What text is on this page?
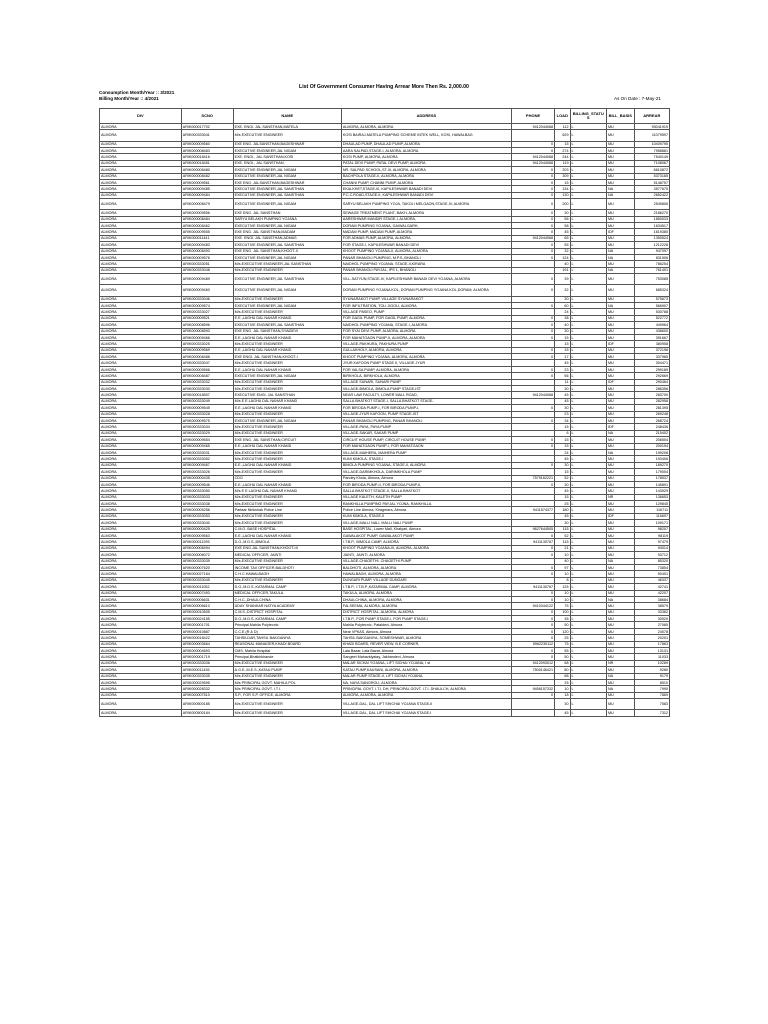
List Of Government Consumer Having Arrear More Then Rs. 2,000.00
Consumption Month/Year :: 3/2021
Billing Month/Year :: 4/2021	As On Date : 7-May-21
DIV	SCNO	NAME	ADDRESS	PHONE	LOAD	BILLING_STATUS	BILL_BASIS	ARREAR
ALMORA	ARIK000017702	EXE. ENGI. JAL SANSTHAN,MATELA	ALMORA, ALMORA, ALMORA	9412044068	112	L	MU	93041919
ALMORA	ARIK000333041	M/s EXECUTIVE ENGINEER	KOSI BAIRAJ-MATELA PUMPING SCHEME INTEK WELL, KOSI, HAWALBAG		629	L	MU	11079597
ALMORA	ARIK000009560	EXE ENG. JALSANSTHAN,BAGESHWAR	DHAULAD PUMP, DHAULAD PUMP, ALMORA	0	15	L	MU	10409795
ALMORA	ARIK000008483	EXECUTIVE ENGINEER,JAL NIGAM	AARA SALPAD,STAGE-I, ALMORA, ALMORA	0	274	L	MU	7958881
ALMORA	ARIK000018416	EXE. ENGI., JAL SANSTHAN,KOSI	KOSI PUMP, ALMORA, ALMORA	9412044068	244	L	MU	7540149
ALMORA	ARIK000018451	EXE. ENGI., JAL SANSTHAN,	PATAL DEVI PUMP, PATAL DEVI PUMP, ALMORA	9412044068	119	L	MU	7108067
ALMORA	ARIK000008480	EXECUTIVE ENGINEER,JAL NIGAM	NR. SALPAD SCHOOL,ST-III, ALMORA, ALMORA	0	203	L	MU	6610872
ALMORA	ARIK000008482	EXECUTIVE ENGINEER,JAL NIGAM	BACHPOLA STAGE-II, ALMORA, ALMORA	0	309	L	MU	5373185
ALMORA	ARIK000009561	EXE ENG. JALSANSTHAN,BAGESHWAR	CHANNI PUMP, CHANNI PUMP, ALMORA	0	15	L	MU	5148757
ALMORA	ARIK000009485	EXECUTIVE ENGINEER,JAL SANSTHAN	EKALKHET,STAGE-III, KAPILESHWAR BANADI DEVI	0	134	L	NA	3577675
ALMORA	ARIK000009484	EXECUTIVE ENGINEER,JAL SANSTHAN	P.C.C.ROAD,STAGE-II, KAPILESHWAR BANADI DEVI	0	130	L	NA	2652422
ALMORA	ARIK000008479	EXECUTIVE ENGINEER,JAL NIGAM	SARYU BELAKH PUMPING YOJA, TAKOLI MELGAON,STAGE-IV, ALMORA	0	200	L	MU	2549806
ALMORA	ARIK000009556	EXE ENG. JAL SANSTHAN	SEWAGE TREATMENT PLANT, BAKH, ALMORA	0	30	L	MU	2186270
ALMORA	ARIK000008484	SARYU BELAKH PUMPING YOJANA	AARESHWAR MANDIR STAGE-I, ALMORA,	0	56	L	MU	1850033
ALMORA	ARIK000008462	EXECUTIVE ENGINEER,JAL NIGAM	DORAM PUMPING YOJANA, GAIWALGARH,	0	58	L	MU	1634517
ALMORA	ARIK000009555	EXE ENG. JAL SANSTHAN,MADAM	MADAM PUMP, MADAM PUMP, ALMORA	0	45	L	IDF	1619380
ALMORA	ARIK000011441	EXE. ENGI. JAL SANSTHAN,ADMAS	FOR ADMAS PUMP, ALMORA, ALMORA	9412044068	65	L	MU	1350524
ALMORA	ARIK000009483	EXECUTIVE ENGINEER,JAL SANSTHAN	FOR STAGE-I, KAPILESHWAR BANADI DEVI	0	55	L	MU	1212228
ALMORA	ARIK000008493	EXE ENG. JAL SANSTHAN,KHOOT-II	KHOOT PUMPING YOJANA-II, ALMORA, ALMORA	0	32	L	NA	947097
ALMORA	ARIK000009576	EXECUTIVE ENGINEER,JAL NIGAM	PANAR BHANOLI PUMPING, M.P.S.,BHANOLI	0	124	L	NA	831906
ALMORA	ARIK000333051	M/s.EXECUTIVE ENGINEER,JAL SANSTHAN	NAIDHOL PUMPING YOJANA, STAGE-II,KIRARA		40	L	MU	786254
ALMORA	ARIK000333048	M/s.EXECUTIVE ENGINEER	PANAR BHANOLI PAYJAL, IPS 1, BHANOLI		191	L	NA	761401
ALMORA	ARIK000009489	EXECUTIVE ENGINEER,JAL SANSTHAN	VILL-SATYUN,STAGE-IV, KAPILESHWAR BANADI DEVI YOJANA, ALMORA	0	39	L	MU	753085
ALMORA	ARIK000009460	EXECUTIVE ENGINEER,JAL NIGAM	DORAM PUMPING YOJANA KOL, DORAM PUMPING YOJANA KOL,DORAM, ALMORA	0	32	L	MU	685324
ALMORA	ARIK000333046	M/s.EXECUTIVE ENGINEER	SYUNARAKOT PUMP, VILLAGE SYUNARAKOT		30	L	MU	575673
ALMORA	ARIK000009574	EXECUTIVE ENGINEER,JAL NIGAM	FOR INFILTRATION, TOLI JIGOLI, ALMORA	0	60	L	NA	566907
ALMORA	ARIK000333027	M/s.EXECUTIVE ENGINEER	VILLAGE PASEO, PUMP		24	L	MU	530788
ALMORA	ARIK000009521	E.E.,LAGHU DAL NAHAR KHAND	FOR GAGIL PUMP, FOR GAGIL PUMP, ALMORA	0	38	L	MU	522772
ALMORA	ARIK000008596	EXECUTIVE ENGINEER,JAL SANSTHAN	NAIDHOL PUMPING YOJANA, STAGE-I, ALMORA	0	40	L	MU	449964
ALMORA	ARIK000008593	EXE ENG. JAL SANSTHAN,SYAIDEVI	FOR SYAI DEVI PUMP, ALMORA, ALMORA	0	30	L	MU	438600
ALMORA	ARIK000009466	E.E.,LAGHU DAL NAHAR KHAND	FOR MAHATGAON PUMP-II, ALMORA, ALMORA	0	15	L	MU	391667
ALMORA	ARIK000333025	M/s.EXECUTIVE ENGINEER	VILLAGE-PAKHURA, PAKHURA PUMP		15	L	IDF	380958
ALMORA	ARIK000009569	E.E.,LAGHU DAL NAHAR KHAND	GULLAKHOLY, ALMORA, ALMORA	0	15	L	MU	372198
ALMORA	ARIK000008488	EXE ENGI. JAL SANSTHAN,KHOOT-I	KHOOT PUMPING YOJANA, ALMORA, ALMORA	0	17	L	MU	337985
ALMORA	ARIK000333047	M/s.EXECUTIVE ENGINEER	JYUR KAFOON PUMP STAGE II, VILLAGE JYUR		45	L	MU	304471
ALMORA	ARIK000009566	E.E.,LAGHU DAL NAHAR KHAND	FOR VALSA PUMP, ALMORA, ALMORA	0	23	L	MU	299189
ALMORA	ARIK000008487	EXECUTIVE ENGINEER,JAL NIGAM	BIRKHOLA, BIRKHOLA, ALMORA	0	56	L	MU	292669
ALMORA	ARIK000333032	M/s.EXECUTIVE ENGINEER	VILLAGE SUNARI, SUNARI PUMP		11	L	IDF	290464
ALMORA	ARIK000333030	M/s.EXECUTIVE ENGINEER	VILLAGE-BIMOLA, BIMOLA PUMP STAGE-IST		30	L	MU	286356
ALMORA	ARIK000018507	EXECUTIVE ENGI. JAL SANSTHAN	NEAR LAW FACULTY, LOWER MALL ROAD,	9412044068	45	L	MU	283700
ALMORA	ARIK000333049	M/s E E LAGHU DAL NAHAR KHAND	SALLA BHATKOT STAGE-I, SALLA BHATKOT STAGE-		45	L	MU	282958
ALMORA	ARIK000009545	E.E.,LAGHU DAL NAHAR KHAND	FOR BIRODA PUMP-I, FOR BIRODA PUMP-I,	0	30	L	MU	281395
ALMORA	ARIK000333028	M/s.EXECUTIVE ENGINEER	VILLAGE-JYUR KAFOON, PUMP STAGE-IST		23	L	MU	269248
ALMORA	ARIK000009575	EXECUTIVE ENGINEER,JAL NIGAM	PANAR BHANOLI PUMPING, PANAR BHANOLI	0	34	L	MU	268724
ALMORA	ARIK000333034	M/s.EXECUTIVE ENGINEER	VILLAGE-PAYA, PAYA PUMP		15	L	IDF	248436
ALMORA	ARIK000333029	M/s.EXECUTIVE ENGINEER	VILLAGE-SAKAR, SAKAR PUMP		6	L	NA	215402
ALMORA	ARIK000009554	EXE ENG. JAL SANSTHAN,CIRCUIT	CIRCUIT HOUSE PUMP, CIRCUIT HOUSE PUMP,	0	15	L	MU	206504
ALMORA	ARIK000009465	E.E.,LAGHU DAL NAHAR KHAND	FOR MAHATGAON PUMP-I, FOR MAHATGAON	0	15	L	MU	200194
ALMORA	ARIK000333031	M/s.EXECUTIVE ENGINEER	VILLAGE-MAIHERA, MAIHERA PUMP		24	L	NA	199208
ALMORA	ARIK000333052	M/s.EXECUTIVE ENGINEER	KUNI KIMOLA, STAGE-I		45	L	MU	193406
ALMORA	ARIK000009467	E.E.,LAGHU DAL NAHAR KHAND	BIMOLA PUMPING YOJANA, STAGE-II, ALMORA	0	30	L	MU	189270
ALMORA	ARIK000333026	M/s.EXECUTIVE ENGINEER	VILLAGE-DARIMKHOLA, DARIMKHOLA PUMP		15	L	MU	179004
ALMORA	ARIK000000435	CDO	Pandey Khola, Almora, Almora	7579162221	52	L	MU	178537
ALMORA	ARIK000009546	E.E.,LAGHU DAL NAHAR KHAND	FOR BIRODA PUMP-II, FOR BIRODA PUMP-II,	0	30	L	MU	145891
ALMORA	ARIK000333050	M/s E E LAGHU DAL NAHAR KHAND	SALLA BHATKOT STAGE-II, SALLA BHATKOT		45	L	MU	143929
ALMORA	ARIK000333033	M/s.EXECUTIVE ENGINEER	VILLAGE KALETH, KALETH PUMP		15	L	NR	136653
ALMORA	ARIK000333038	M/s.EXECUTIVE ENGINEER	RANKHILLA PUMPING PAYJAL YOJNA, RANKHILLA		25	L	MU	129845
ALMORA	ARIK000005256	Partaar Nirikshak Police Line	Police Line Almora, Khagmara, Almora	9411574377	180	L	MU	116711
ALMORA	ARIK000333053	M/s.EXECUTIVE ENGINEER	KUNI KIMOLA, STAGE-II		45	L	IDF	116697
ALMORA	ARIK000333040	M/s.EXECUTIVE ENGINEER	VILLAGE-MALLI NALI, MALLI NALI PUMP		30	L	MU	109171
ALMORA	ARIK000000425	C.M.O. BASE HOSPITAL	BASE HOSPITAL, Lower Mall, Khatyari, Almora	9627644505	115	L	MU	98207
ALMORA	ARIK000009563	E.E.,LAGHU DAL NAHAR KHAND	GAWALAKOT PUMP, GAWALAKOT PUMP,	0	52	L	MU	98119
ALMORA	ARIK000011295	D.G.,M.D.S.,BIMOLA	I.T.B.P., BIMOLA CAMP, ALMORA	9411130767	115	L	MU	97479
ALMORA	ARIK000008494	EXE ENG.JAL SANSTHAN,KHOOT-III	KHOOT PUMPING YOJANA-III, ALMORA, ALMORA	0	21	L	MU	94014
ALMORA	ARIK000006072	MEDICAL OFFICER, JAINTI	JAINTI, JAINTI, ALMORA	0	10	L	MU	93712
ALMORA	ARIK000333039	M/s.EXECUTIVE ENGINEER	VILLAGE-CHAGETHI, CHAGETHI PUMP		40	L	NA	85320
ALMORA	ARIK000007620	INCOME TAX OFFICER,BALDHOTI	BALDHOTI, ALMORA, ALMORA	0	97	L	MU	73854
ALMORA	ARIK000027164	C.H.C.HAWALBAGH	HAWALBAGH, ALMORA, ALMORA	0	10	L	MU	50401
ALMORA	ARIK000333045	M/s.EXECUTIVE ENGINEER	DUNGARI PUMP, VILLAGE DUNGARI		8	L	MU	46337
ALMORA	ARIK000011052	D.G.,M.D.S.,KATARMAL CAMP	I.T.B.P., I.T.B.P.,KATARMAL CAMP, ALMORA	9411130767	125	L	MU	42741
ALMORA	ARIK000007493	MEDICAL OFFICER,TAKULA	TAKULA, ALMORA, ALMORA	0	10	L	MU	42207
ALMORA	ARIK000006631	C.H.C.,DHAULCHINA	DHAULCHINA, ALMORA, ALMORA	0	10	L	NA	38684
ALMORA	ARIK000006610	UDAY SHANKAR NATYA ACADEMY	FALSEEMA, ALMORA, ALMORA	9410344122	75	L	MU	38579
ALMORA	ARIK000010505	C.M.S.,DISTRICT HOSPITAL	DISTRICT HOSPITAL, ALMORA, ALMORA	0	100	L	MU	33362
ALMORA	ARIK000024155	D.G.,M.D.S.,KATARMAL CAMP	I.T.B.P., FOR PUMP STAGE-I, FOR PUMP STAGE-I	0	35	L	MU	30520
ALMORA	ARIK000001701	Principal,Mahila Polytecnic	Mahila Polytecnic, Pataldevi, Almora	0	50	L	MU	27085
ALMORA	ARIK000010887	C.C.E.(R & D)	Near VPKAS, Almora, Almora	0	120	L	MU	24078
ALMORA	ARIK000018422	TAHSILDAR,TAHSIL BAKGANIYA	TAHSIL BAKGANIYA, SOMESHWAR, ALMORA	0	25	L	MU	20201
ALMORA	ARIK000003664	REASONAL MANAGER,KHADI BOARD	KHADI BOARD, REVER VIEW, B.E CORNER,	5962230112	75	L	MU	17863
ALMORA	ARIK000004693	CMS, Mahila Hospital	Lala Bazar, Lala Bazar, Almora	0	55	L	MU	13131
ALMORA	ARIK000001719	Principal,Bhatkhkhande	Sangeet Mahavidyalay, Jakhandevi, Almora	0	50	L	MU	11033
ALMORA	ARIK000333036	M/s.EXECUTIVE ENGINEER	MALAR SICHAI YOJANA, LIFT SICHAI YOJANA, I st	9412093012	68	L	NR	10289
ALMORA	ARIK000011436	A.G.E.,M.E.S.,KATAU PUMP	KATAU PUMP,KAUSANI, ALMORA, ALMORA	7500146421	80	L	MU	9280
ALMORA	ARIK000333035	M/s.EXECUTIVE ENGINEER	MALAR PUMP STAGE-II, LIFT SICHAI YOJANA,		68	L	NA	9179
ALMORA	ARIK000029595	M/s PRINCIPAL GOVT. MAHILA POL	NA, NAYA SANGROLI, ALMORA		25	L	MU	8510
ALMORA	ARIK000028332	M/s PRINCIPAL GOVT. I.T.I.	PRINCIPAL GOVT. I.T.I. DH, PRINCIPAL GOVT. I.T.I. DHAULCH, ALMORA	9456157332	10	L	NA	7990
ALMORA	ARIK000007510	S.P., FOR S.P. OFFICE, ALMORA	ALMORA, ALMORA, ALMORA	0	18	L	MU	7869
ALMORA	ARIK000500185	M/s.EXECUTIVE ENGINEER	VILLAGE-DAL, DAL LIFT SHICHAI YOJANA STAGE-II		30	L	MU	7583
ALMORA	ARIK000500184	M/s.EXECUTIVE ENGINEER	VILLAGE-DAL, DAL LIFT SHICHAI YOJANA STAGE-I		45	L	MU	7312
